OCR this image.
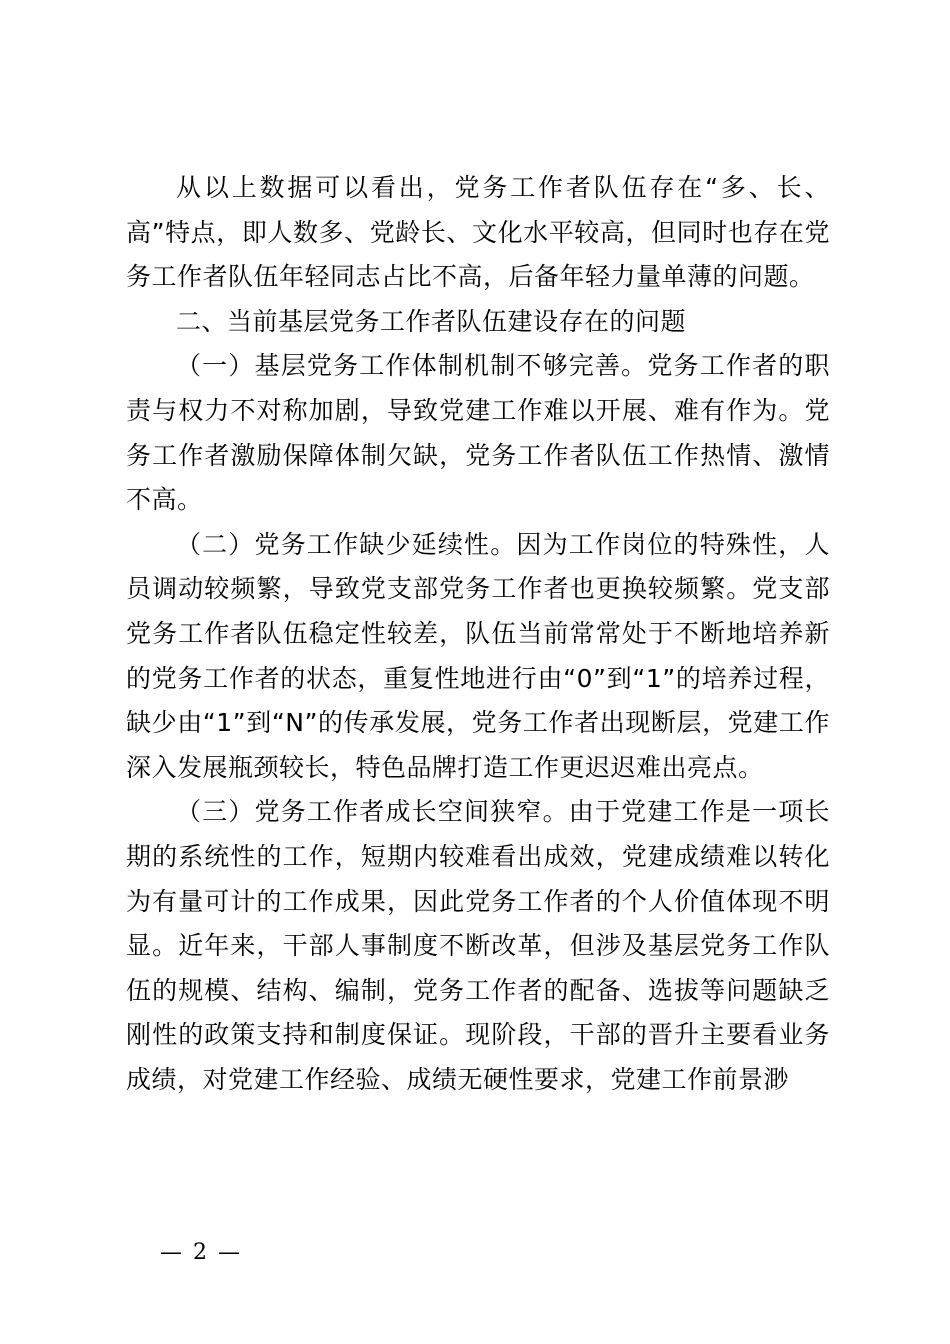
从以上数据可以看出，党务工作者队伍存在“多、长、高”特点，即人数多、党龄长、文化水平较高，但同时也存在党务工作者队伍年轻同志占比不高，后备年轻力量单薄的问题。

二、当前基层党务工作者队伍建设存在的问题

（一）基层党务工作体制机制不够完善。党务工作者的职责与权力不对称加剧，导致党建工作难以开展、难有作为。党务工作者激励保障体制欠缺，党务工作者队伍工作热情、激情不高。

（二）党务工作缺少延续性。因为工作岗位的特殊性，人员调动较频繁，导致党支部党务工作者也更换较频繁。党支部党务工作者队伍稳定性较差，队伍当前常常处于不断地培养新的党务工作者的状态，重复性地进行由“0”到“1”的培养过程，缺少由“1”到“N”的传承发展，党务工作者出现断层，党建工作深入发展瓶颈较长，特色品牌打造工作更迟迟难出亮点。

（三）党务工作者成长空间狭窄。由于党建工作是一项长期的系统性的工作，短期内较难看出成效，党建成绩难以转化为有量可计的工作成果，因此党务工作者的个人价值体现不明显。近年来，干部人事制度不断改革，但涉及基层党务工作队伍的规模、结构、编制，党务工作者的配备、选拔等问题缺乏刚性的政策支持和制度保证。现阶段，干部的晋升主要看业务成绩，对党建工作经验、成绩无硬性要求，党建工作前景渺

— 2 —
